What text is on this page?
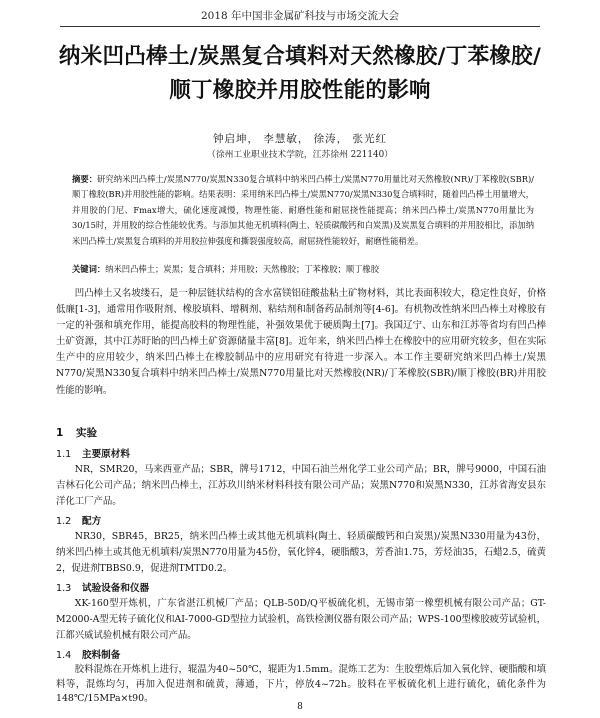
2018 年中国非金属矿科技与市场交流大会
纳米凹凸棒土/炭黑复合填料对天然橡胶/丁苯橡胶/
顺丁橡胶并用胶性能的影响
钟启坤， 李慧敏， 徐涛， 张光红
（徐州工业职业技术学院，江苏徐州 221140）
摘要：研究纳米凹凸棒土/炭黑N770/炭黑N330复合填料中纳米凹凸棒土/炭黑N770用量比对天然橡胶(NR)/丁苯橡胶(SBR)/顺丁橡胶(BR)并用胶性能的影响。结果表明：采用纳米凹凸棒土/炭黑N770/炭黑N330复合填料时，随着凹凸棒土用量增大，并用胶的门尼、Fmax增大，硫化速度减慢，物理性能、耐磨性能和耐屈挠性能提高；纳米凹凸棒土/炭黑N770用量比为30/15时，并用胶的综合性能较优秀。与添加其他无机填料(陶土、轻质碳酸钙和白炭黑)及炭黑复合填料的并用胶相比，添加纳米凹凸棒土/炭黑复合填料的并用胶拉伸强度和撕裂强度较高，耐屈挠性能较好，耐磨性能稍差。
关键词：纳米凹凸棒土；炭黑；复合填料；并用胶；天然橡胶；丁苯橡胶；顺丁橡胶
凹凸棒土又名坡缕石，是一种层链状结构的含水富镁铝硅酸盐粘土矿物材料，其比表面积较大，稳定性良好，价格低廉[1-3]，通常用作吸附剂、橡胶填料、增稠剂、粘结剂和制备药品制剂等[4-6]。有机物改性纳米凹凸棒土对橡胶有一定的补强和填充作用，能提高胶料的物理性能，补强效果优于硬质陶土[7]。我国辽宁、山东和江苏等省均有凹凸棒土矿资源，其中江苏盱眙的凹凸棒土矿资源储量丰富[8]。近年来，纳米凹凸棒土在橡胶中的应用研究较多，但在实际生产中的应用较少，纳米凹凸棒土在橡胶制品中的应用研究有待进一步深入。本工作主要研究纳米凹凸棒土/炭黑N770/炭黑N330复合填料中纳米凹凸棒土/炭黑N770用量比对天然橡胶(NR)/丁苯橡胶(SBR)/顺丁橡胶(BR)并用胶性能的影响。
1 实验
1.1 主要原材料
NR，SMR20，马来西亚产品；SBR，牌号1712，中国石油兰州化学工业公司产品；BR，牌号9000，中国石油吉林石化公司产品；纳米凹凸棒土，江苏玖川纳米材料科技有限公司产品；炭黑N770和炭黑N330，江苏省海安县东洋化工厂产品。
1.2 配方
NR30，SBR45，BR25，纳米凹凸棒土或其他无机填料(陶土、轻质碳酸钙和白炭黑)/炭黑N330用量为43份，纳米凹凸棒土或其他无机填料/炭黑N770用量为45份，氧化锌4，硬脂酸3，芳香油1.75，芳烃油35，石蜡2.5，硫黄2，促进剂TBBS0.9，促进剂TMTD0.2。
1.3 试验设备和仪器
XK-160型开炼机，广东省湛江机械厂产品；QLB-50D/Q平板硫化机，无锡市第一橡塑机械有限公司产品；GT-M2000-A型无转子硫化仪和AI-7000-GD型拉力试验机，高铁检测仪器有限公司产品；WPS-100型橡胶疲劳试验机，江都兴威试验机械有限公司产品。
1.4 胶料制备
胶料混炼在开炼机上进行，辊温为40~50℃，辊距为1.5mm。混炼工艺为：生胶塑炼后加入氧化锌、硬脂酸和填料等，混炼均匀，再加入促进剂和硫黄，薄通，下片，停放4~72h。胶料在平板硫化机上进行硫化，硫化条件为148℃/15MPa×t90。
8
